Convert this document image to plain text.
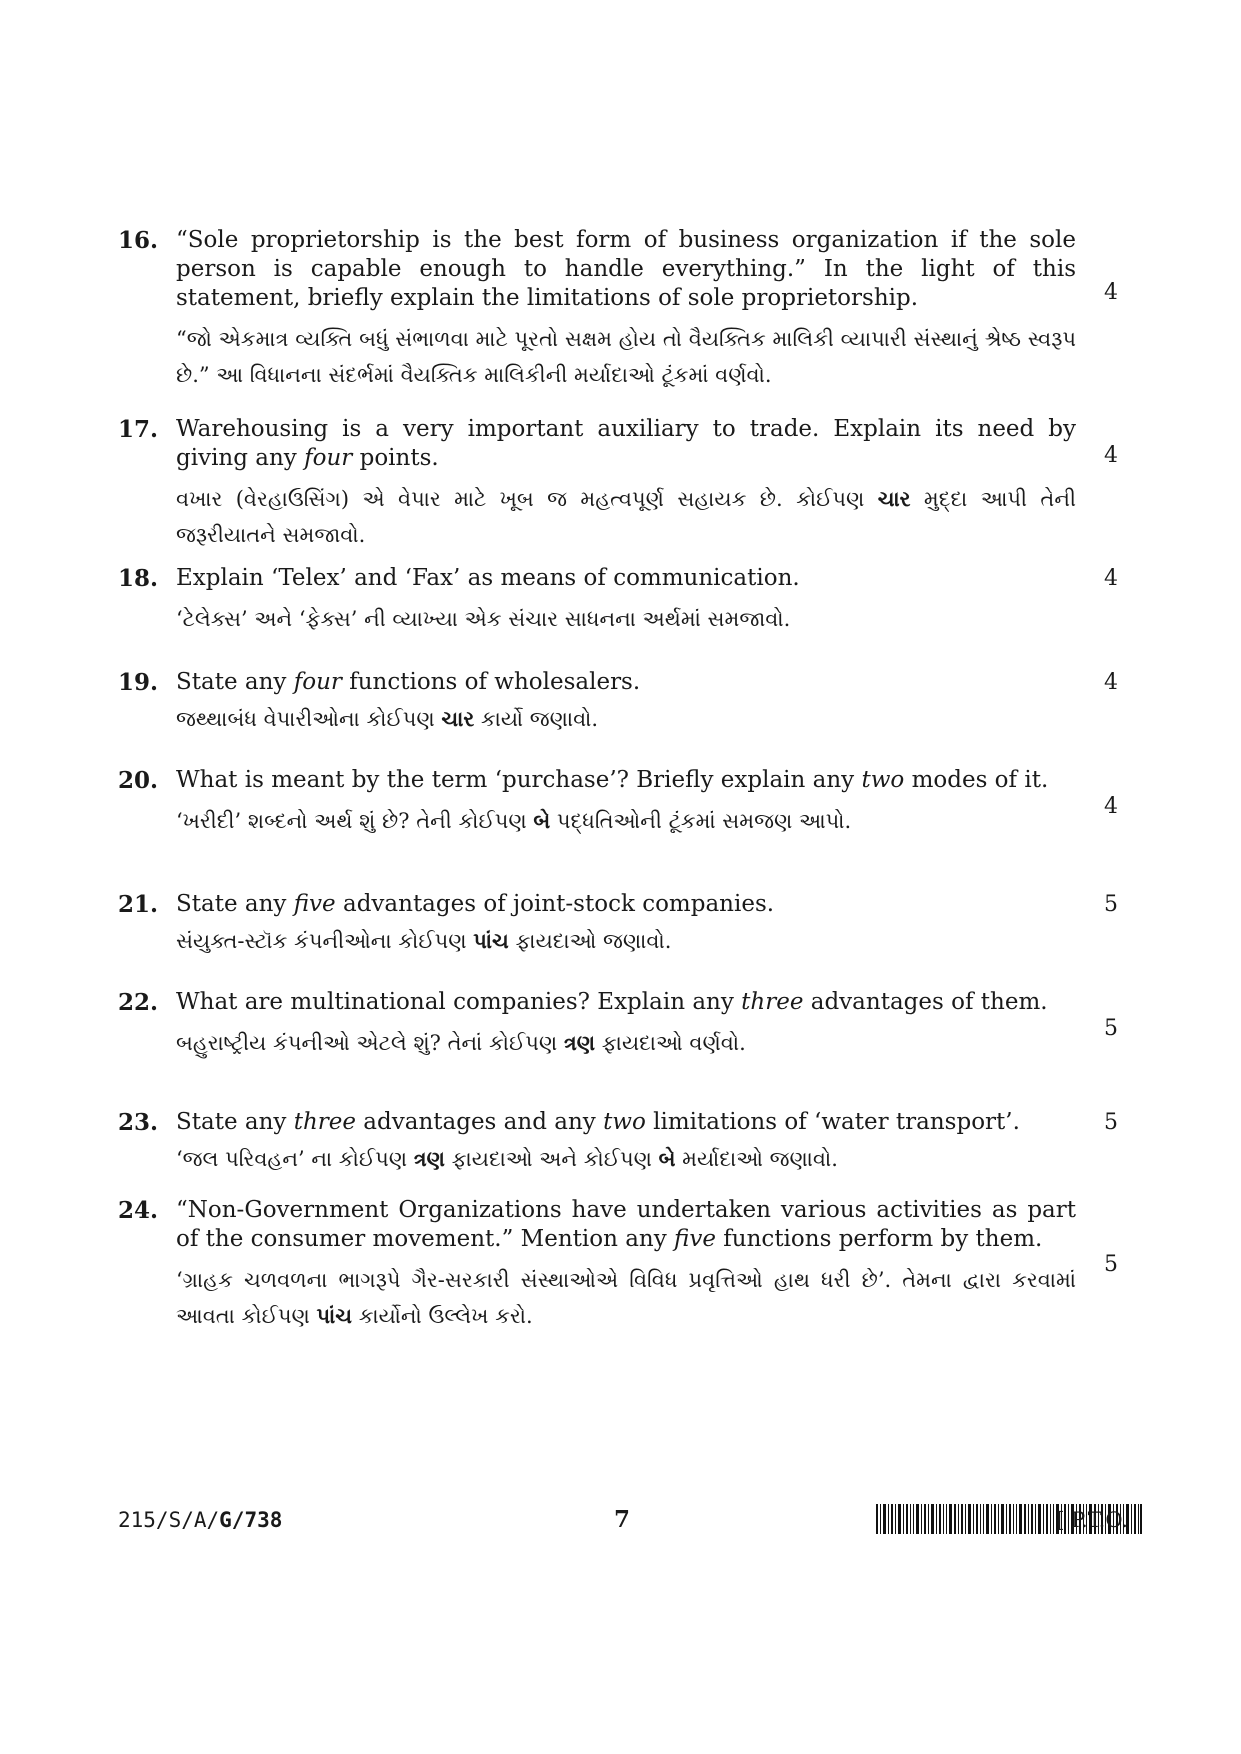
16. “Sole proprietorship is the best form of business organization if the sole person is capable enough to handle everything.” In the light of this statement, briefly explain the limitations of sole proprietorship.

“જો એકમાત્ર વ્યક્તિ બધું સંભાળવા માટે પૂરતો સક્ષમ હોય તો વૈયક્તિક માલિકી વ્યાપારી સંસ્થાનું શ્રેષ્ઠ સ્વરૂપ છે.” આ વિધાનના સંદર્ભમાં વૈયક્તિક માલિકીની મર્યાદાઓ ટૂંકમાં વર્ણવો.

4
17. Warehousing is a very important auxiliary to trade. Explain its need by giving any four points.

વખાર (વેરહાઉસિંગ) એ વેપાર માટે ખૂબ જ મહત્વપૂર્ણ સહાયક છે. કોઈપણ ચાર મુદ્દા આપી તેની જરૂરીયાતને સમજાવો.

4
18. Explain ‘Telex’ and ‘Fax’ as means of communication.

‘ટેલેક્સ’ અને ‘ફેક્સ’ ની વ્યાખ્યા એક સંચાર સાધનના અર્થમાં સમજાવો.

4
19. State any four functions of wholesalers.

જથ્થાબંધ વેપારીઓના કોઈપણ ચાર કાર્યો જણાવો.

4
20. What is meant by the term ‘purchase’? Briefly explain any two modes of it.

‘ખરીદી’ શબ્દનો અર્થ શું છે? તેની કોઈપણ બે પદ્ધતિઓની ટૂંકમાં સમજણ આપો.

4
21. State any five advantages of joint-stock companies.

સંયુક્ત-સ્ટૉક કંપનીઓના કોઈપણ પાંચ ફાયદાઓ જણાવો.

5
22. What are multinational companies? Explain any three advantages of them.

બહુરાષ્ટ્રીય કંપનીઓ એટલે શું? તેનાં કોઈપણ ત્રણ ફાયદાઓ વર્ણવો.

5
23. State any three advantages and any two limitations of ‘water transport’.

‘જલ પરિવહન’ ના કોઈપણ ત્રણ ફાયદાઓ અને કોઈપણ બે મર્યાદાઓ જણાવો.

5
24. “Non-Government Organizations have undertaken various activities as part of the consumer movement.” Mention any five functions perform by them.

‘ગ્રાહક ચળવળના ભાગરૂપે ગૈર-સરકારી સંસ્થાઓએ વિવિધ પ્રવૃત્તિઓ હાથ ધરી છે’. તેમના દ્વારા કરવામાં આવતા કોઈપણ પાંચ કાર્યોનો ઉલ્લેખ કરો.

5
215/S/A/G/738	7	[ P.T.O.
